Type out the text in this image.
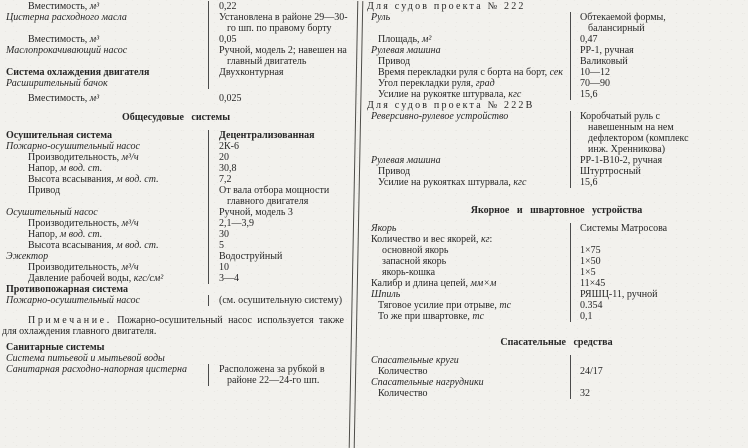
Вместимость, м³	0,22
Цистерна расходного масла	Установлена в районе 29—30-го шп. по правому борту
Вместимость, м³	0,05
Маслопрокачивающий насос	Ручной, модель 2; навешен на главный двигатель
Система охлаждения двигателя	Двухконтурная
Расширительный бачок
Вместимость, м³	0,025
Общесудовые системы
Осушительная система	Децентрализованная
Пожарно-осушительный насос	2К-6
Производительность, м³/ч	20
Напор, м вод. ст.	30,8
Высота всасывания, м вод. ст.	7,2
Привод	От вала отбора мощности главного двигателя
Осушительный насос	Ручной, модель 3
Производительность, м³/ч	2,1—3,9
Напор, м вод. ст.	30
Высота всасывания, м вод. ст.	5
Эжектор	Водоструйный
Производительность, м³/ч	10
Давление рабочей воды, кгс/см²	3—4
Противопожарная система
Пожарно-осушительный насос	(см. осушительную систему)
Примечание. Пожарно-осушительный насос используется также для охлаждения главного двигателя.
Санитарные системы
Система питьевой и мытьевой воды
Санитарная расходно-напорная цистерна	Расположена за рубкой в районе 22—24-го шп.
Для судов проекта № 222
Руль	Обтекаемой формы, балансирный
Площадь, м²	0,47
Рулевая машина	РР-1, ручная
Привод	Валиковый
Время перекладки руля с борта на борт, сек	10—12
Угол перекладки руля, град	70—90
Усилие на рукоятке штурвала, кгс	15,6
Для судов проекта № 222В
Реверсивно-рулевое устройство	Коробчатый руль с навешенным на нем дефлектором (комплекс инж. Хренникова)
Рулевая машина	РР-1-В10-2, ручная
Привод	Штуртросный
Усилие на рукоятках штурвала, кгс	15,6
Якорное и швартовное устройства
Якорь	Системы Матросова
Количество и вес якорей, кг:
основной якорь	1×75
запасной якорь	1×50
якорь-кошка	1×5
Калибр и длина цепей, мм×м	11×45
Шпиль	РЯШЦ-11, ручной
Тяговое усилие при отрыве, тс	0.354
То же при швартовке, тс	0,1
Спасательные средства
Спасательные круги
Количество	24/17
Спасательные нагрудники
Количество	32
